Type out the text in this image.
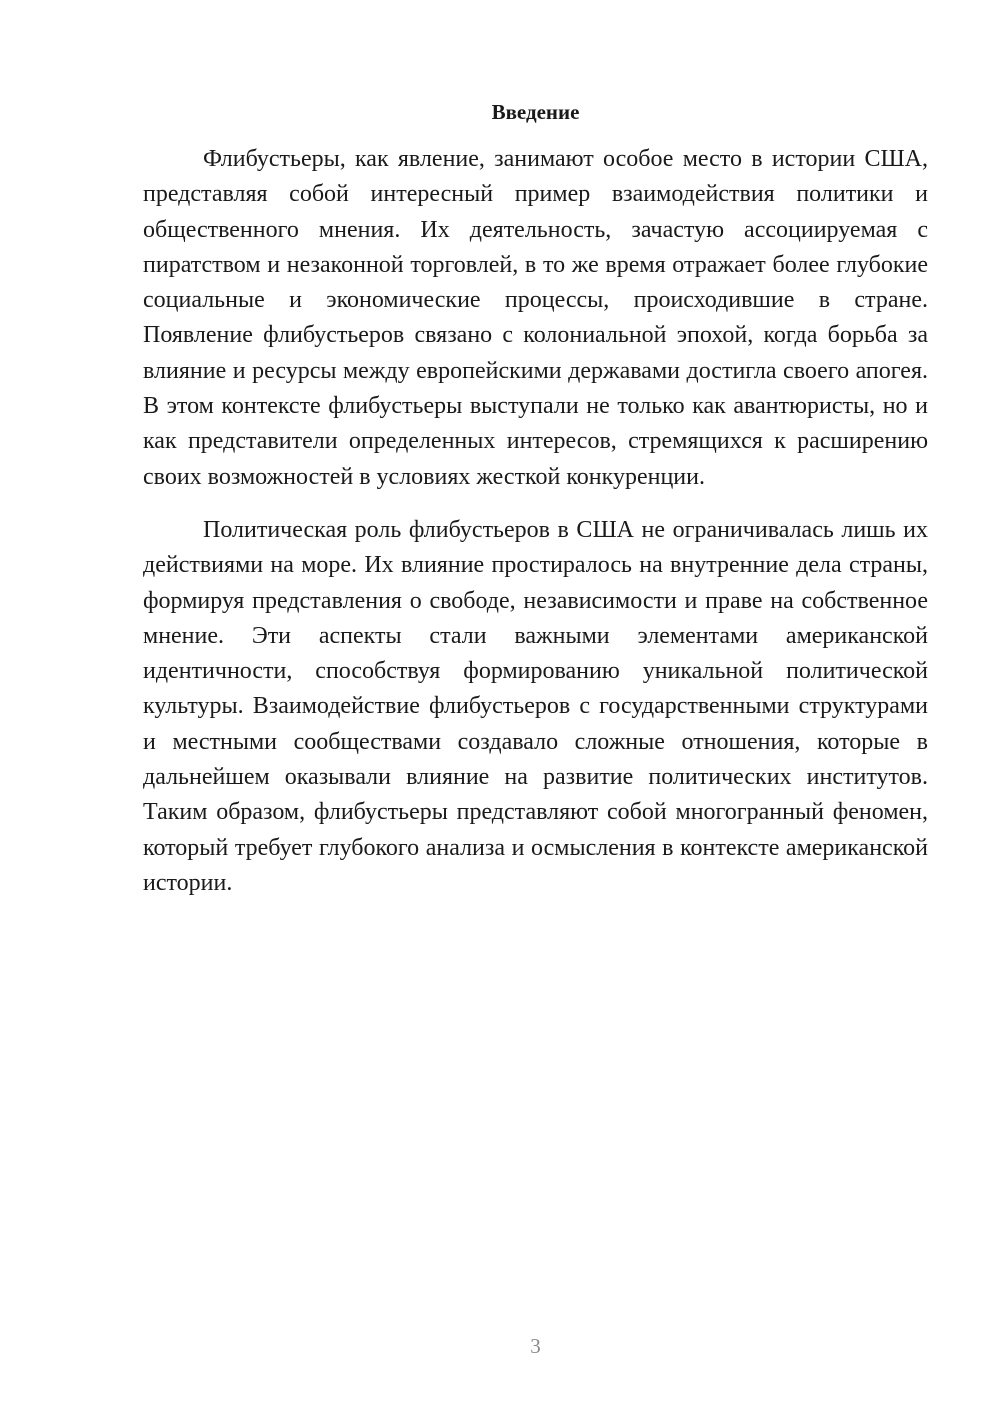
Введение

Флибустьеры, как явление, занимают особое место в истории США, представляя собой интересный пример взаимодействия политики и общественного мнения. Их деятельность, зачастую ассоциируемая с пиратством и незаконной торговлей, в то же время отражает более глубокие социальные и экономические процессы, происходившие в стране. Появление флибустьеров связано с колониальной эпохой, когда борьба за влияние и ресурсы между европейскими державами достигла своего апогея. В этом контексте флибустьеры выступали не только как авантюристы, но и как представители определенных интересов, стремящихся к расширению своих возможностей в условиях жесткой конкуренции.

Политическая роль флибустьеров в США не ограничивалась лишь их действиями на море. Их влияние простиралось на внутренние дела страны, формируя представления о свободе, независимости и праве на собственное мнение. Эти аспекты стали важными элементами американской идентичности, способствуя формированию уникальной политической культуры. Взаимодействие флибустьеров с государственными структурами и местными сообществами создавало сложные отношения, которые в дальнейшем оказывали влияние на развитие политических институтов. Таким образом, флибустьеры представляют собой многогранный феномен, который требует глубокого анализа и осмысления в контексте американской истории.

3
